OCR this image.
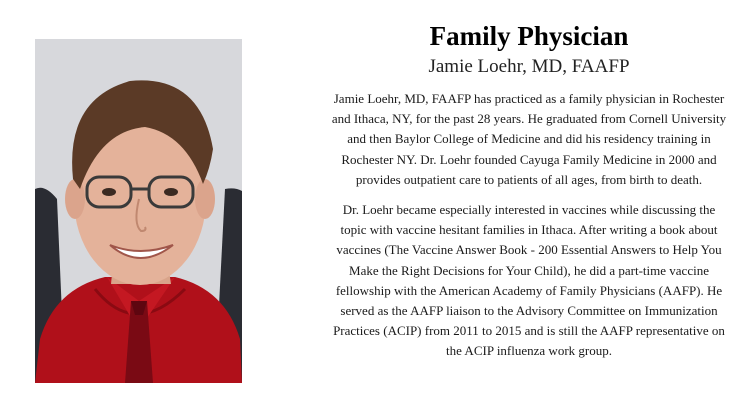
Family Physician
Jamie Loehr, MD, FAAFP

Jamie Loehr, MD, FAAFP has practiced as a family physician in Rochester and Ithaca, NY, for the past 28 years. He graduated from Cornell University and then Baylor College of Medicine and did his residency training in Rochester NY. Dr. Loehr founded Cayuga Family Medicine in 2000 and provides outpatient care to patients of all ages, from birth to death.

Dr. Loehr became especially interested in vaccines while discussing the topic with vaccine hesitant families in Ithaca. After writing a book about vaccines (The Vaccine Answer Book - 200 Essential Answers to Help You Make the Right Decisions for Your Child), he did a part-time vaccine fellowship with the American Academy of Family Physicians (AAFP). He served as the AAFP liaison to the Advisory Committee on Immunization Practices (ACIP) from 2011 to 2015 and is still the AAFP representative on the ACIP influenza work group.
